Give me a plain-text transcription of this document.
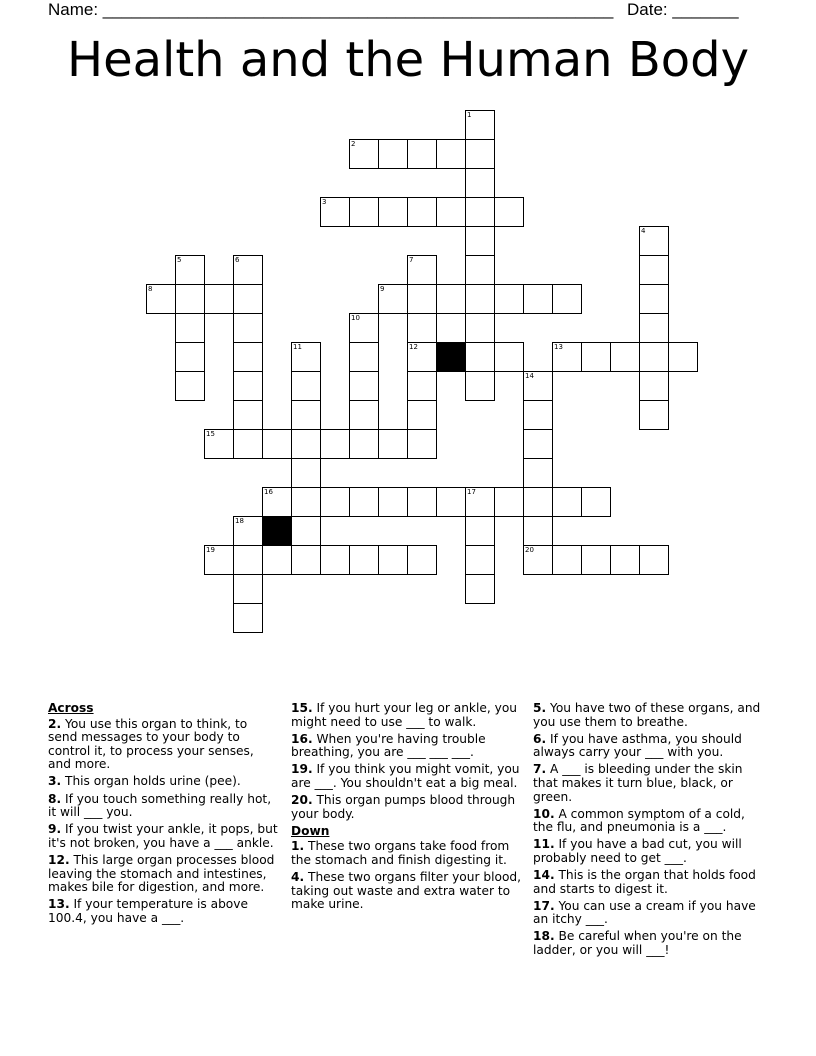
Name: ______________________________________________________

Date: _______

Health and the Human Body
1
2
3
4
5	6	7
8	9
10
11	12	13
14
15
16	17
18
19	20
Across
2. You use this organ to think, to send messages to your body to control it, to process your senses, and more.
3. This organ holds urine (pee).
8. If you touch something really hot, it will ___ you.
9. If you twist your ankle, it pops, but it's not broken, you have a ___ ankle.
12. This large organ processes blood leaving the stomach and intestines, makes bile for digestion, and more.
13. If your temperature is above 100.4, you have a ___.
15. If you hurt your leg or ankle, you might need to use ___ to walk.
16. When you're having trouble breathing, you are ___ ___ ___.
19. If you think you might vomit, you are ___. You shouldn't eat a big meal.
20. This organ pumps blood through your body.
Down
1. These two organs take food from the stomach and finish digesting it.
4. These two organs filter your blood, taking out waste and extra water to make urine.
5. You have two of these organs, and you use them to breathe.
6. If you have asthma, you should always carry your ___ with you.
7. A ___ is bleeding under the skin that makes it turn blue, black, or green.
10. A common symptom of a cold, the flu, and pneumonia is a ___.
11. If you have a bad cut, you will probably need to get ___.
14. This is the organ that holds food and starts to digest it.
17. You can use a cream if you have an itchy ___.
18. Be careful when you're on the ladder, or you will ___!
